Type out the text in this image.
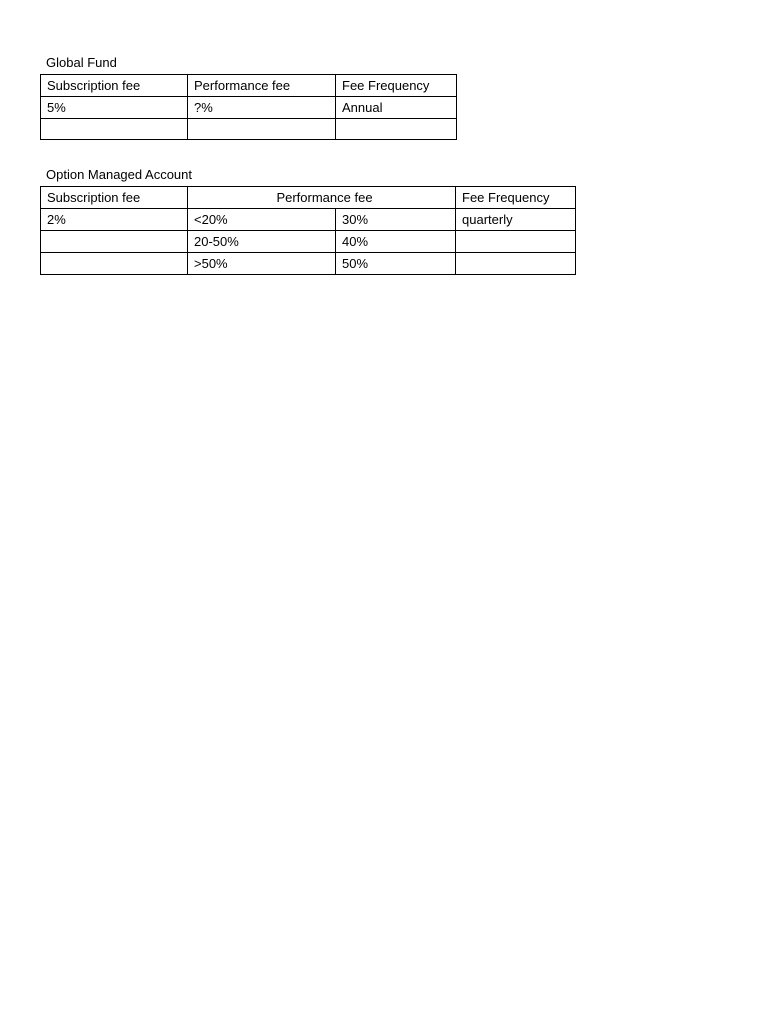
Global Fund
Subscription fee	Performance fee	Fee Frequency
5%	?%	Annual

Option Managed Account
Subscription fee	Performance fee		Fee Frequency
2%	<20%	30%	quarterly
	20-50%	40%	
	>50%	50%	
